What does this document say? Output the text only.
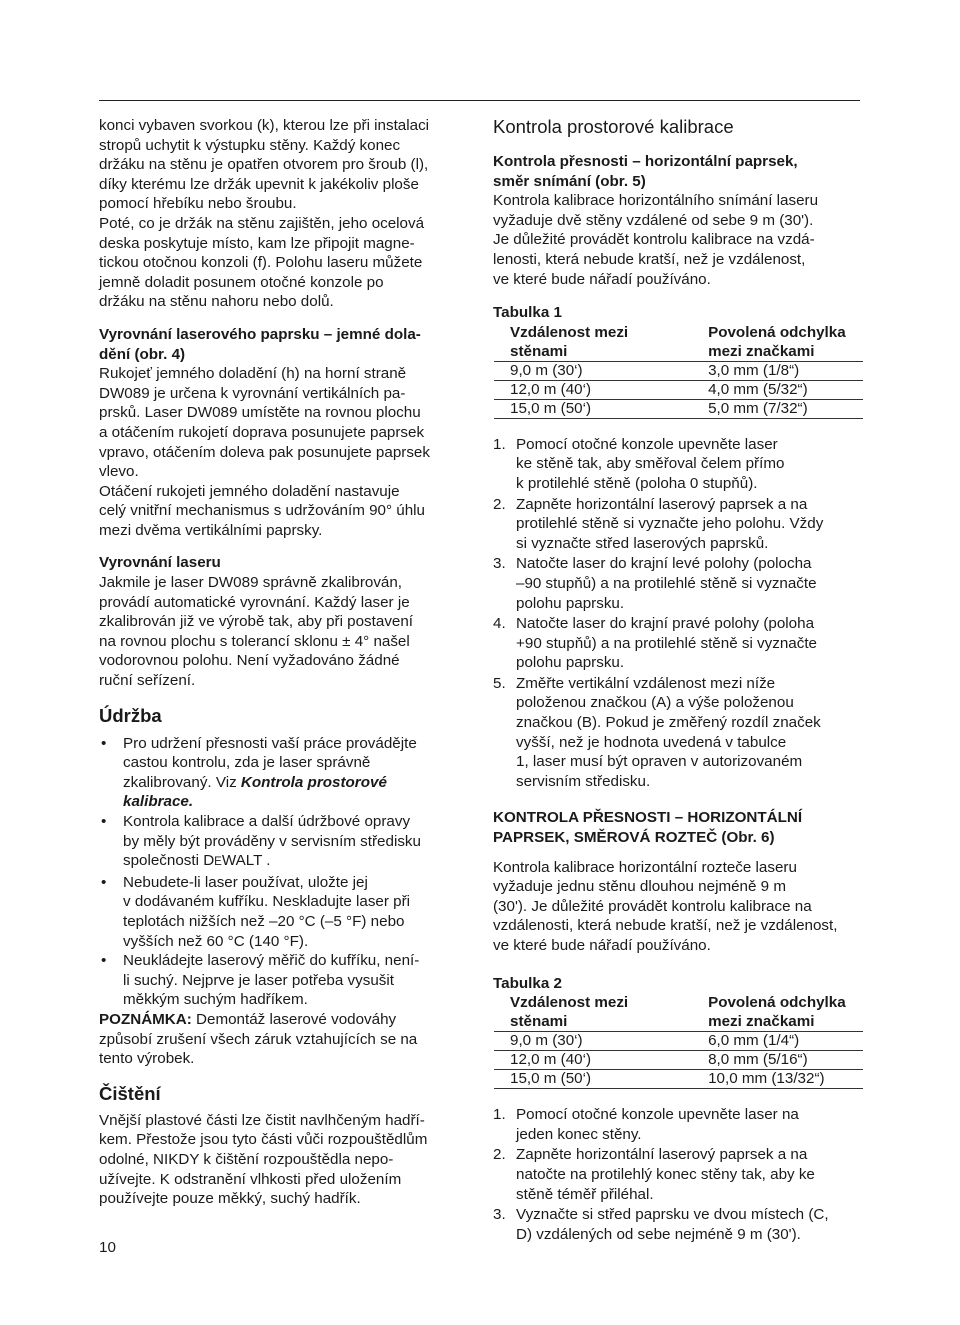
konci vybaven svorkou (k), kterou lze při instalaci
stropů uchytit k výstupku stěny. Každý konec
držáku na stěnu je opatřen otvorem pro šroub (l),
díky kterému lze držák upevnit k jakékoliv ploše
pomocí hřebíku nebo šroubu.

Poté, co je držák na stěnu zajištěn, jeho ocelová
deska poskytuje místo, kam lze připojit magne-
tickou otočnou konzoli (f). Polohu laseru můžete
jemně doladit posunem otočné konzole po
držáku na stěnu nahoru nebo dolů.

Vyrovnání laserového paprsku – jemné dola-
dění (obr. 4)

Rukojeť jemného doladění (h) na horní straně
DW089 je určena k vyrovnání vertikálních pa-
prsků. Laser DW089 umístěte na rovnou plochu
a otáčením rukojetí doprava posunujete paprsek
vpravo, otáčením doleva pak posunujete paprsek
vlevo.

Otáčení rukojeti jemného doladění nastavuje
celý vnitřní mechanismus s udržováním 90° úhlu
mezi dvěma vertikálními paprsky.

Vyrovnání laseru

Jakmile je laser DW089 správně zkalibrován,
provádí automatické vyrovnání. Každý laser je
zkalibrován již ve výrobě tak, aby při postavení
na rovnou plochu s tolerancí sklonu ± 4° našel
vodorovnou polohu. Není vyžadováno žádné
ruční seřízení.

Údržba

• Pro udržení přesnosti vaší práce provádějte
castou kontrolu, zda je laser správně
zkalibrovaný. Viz Kontrola prostorové
kalibrace.
• Kontrola kalibrace a další údržbové opravy
by měly být prováděny v servisním středisku
společnosti DEWALT .
• Nebudete-li laser používat, uložte jej
v dodávaném kufříku. Neskladujte laser při
teplotách nižších než –20 °C (–5 °F) nebo
vyšších než 60 °C (140 °F).
• Neukládejte laserový měřič do kufříku, není-
li suchý. Nejprve je laser potřeba vysušit
měkkým suchým hadříkem.

POZNÁMKA: Demontáž laserové vodováhy
způsobí zrušení všech záruk vztahujících se na
tento výrobek.

Čištění

Vnější plastové části lze čistit navlhčeným hadří-
kem. Přestože jsou tyto části vůči rozpouštědlům
odolné, NIKDY k čištění rozpouštědla nepo-
užívejte. K odstranění vlhkosti před uložením
používejte pouze měkký, suchý hadřík.

Kontrola prostorové kalibrace

Kontrola přesnosti – horizontální paprsek,
směr snímání (obr. 5)

Kontrola kalibrace horizontálního snímání laseru
vyžaduje dvě stěny vzdálené od sebe 9 m (30').
Je důležité provádět kontrolu kalibrace na vzdá-
lenosti, která nebude kratší, než je vzdálenost,
ve které bude nářadí používáno.

Tabulka 1

Vzdálenost mezi
stěnami	Povolená odchylka
mezi značkami
9,0 m (30‘)	3,0 mm (1/8“)
12,0 m (40‘)	4,0 mm (5/32“)
15,0 m (50‘)	5,0 mm (7/32“)
1. Pomocí otočné konzole upevněte laser
ke stěně tak, aby směřoval čelem přímo
k protilehlé stěně (poloha 0 stupňů).
2. Zapněte horizontální laserový paprsek a na
protilehlé stěně si vyznačte jeho polohu. Vždy
si vyznačte střed laserových paprsků.
3. Natočte laser do krajní levé polohy (polocha
–90 stupňů) a na protilehlé stěně si vyznačte
polohu paprsku.
4. Natočte laser do krajní pravé polohy (poloha
+90 stupňů) a na protilehlé stěně si vyznačte
polohu paprsku.
5. Změřte vertikální vzdálenost mezi níže
položenou značkou (A) a výše položenou
značkou (B). Pokud je změřený rozdíl značek
vyšší, než je hodnota uvedená v tabulce
1, laser musí být opraven v autorizovaném
servisním středisku.

KONTROLA PŘESNOSTI – HORIZONTÁLNÍ
PAPRSEK, SMĚROVÁ ROZTEČ (Obr. 6)

Kontrola kalibrace horizontální rozteče laseru
vyžaduje jednu stěnu dlouhou nejméně 9 m
(30'). Je důležité provádět kontrolu kalibrace na
vzdálenosti, která nebude kratší, než je vzdálenost,
ve které bude nářadí používáno.

Tabulka 2

Vzdálenost mezi
stěnami	Povolená odchylka
mezi značkami
9,0 m (30‘)	6,0 mm (1/4“)
12,0 m (40‘)	8,0 mm (5/16“)
15,0 m (50‘)	10,0 mm (13/32“)
1. Pomocí otočné konzole upevněte laser na
jeden konec stěny.
2. Zapněte horizontální laserový paprsek a na
natočte na protilehlý konec stěny tak, aby ke
stěně téměř přiléhal.
3. Vyznačte si střed paprsku ve dvou místech (C,
D) vzdálených od sebe nejméně 9 m (30').
10
